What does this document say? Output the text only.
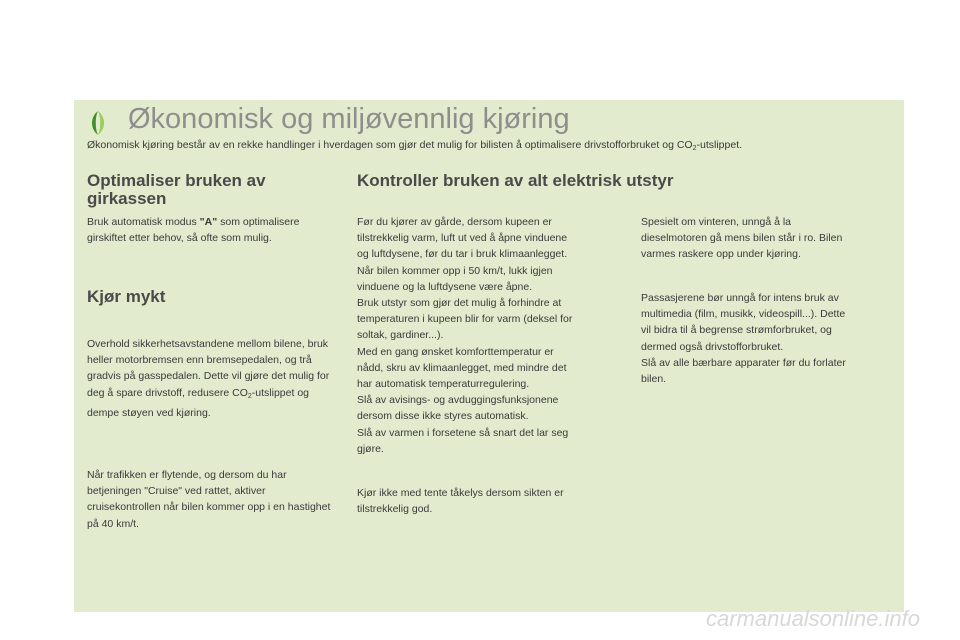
Økonomisk og miljøvennlig kjøring
Økonomisk kjøring består av en rekke handlinger i hverdagen som gjør det mulig for bilisten å optimalisere drivstofforbruket og $CO_2$-utslippet.
Optimaliser bruken av
girkassen

Bruk automatisk modus "A" som optimalisere girskiftet etter behov, så ofte som mulig.

Kjør mykt

Overhold sikkerhetsavstandene mellom bilene, bruk heller motorbremsen enn bremsepedalen, og trå gradvis på gasspedalen. Dette vil gjøre det mulig for deg å spare drivstoff, redusere $CO_2$-utslippet og dempe støyen ved kjøring.

Når trafikken er flytende, og dersom du har betjeningen "Cruise" ved rattet, aktiver cruisekontrollen når bilen kommer opp i en hastighet på 40 km/t.

Kontroller bruken av alt elektrisk utstyr

Før du kjører av gårde, dersom kupeen er
tilstrekkelig varm, luft ut ved å åpne vinduene
og luftdysene, før du tar i bruk klimaanlegget.
Når bilen kommer opp i 50 km/t, lukk igjen
vinduene og la luftdysene være åpne.
Bruk utstyr som gjør det mulig å forhindre at
temperaturen i kupeen blir for varm (deksel for
soltak, gardiner...).
Med en gang ønsket komforttemperatur er
nådd, skru av klimaanlegget, med mindre det
har automatisk temperaturregulering.
Slå av avisings- og avduggingsfunksjonene
dersom disse ikke styres automatisk.
Slå av varmen i forsetene så snart det lar seg
gjøre.

Kjør ikke med tente tåkelys dersom sikten er
tilstrekkelig god.

Spesielt om vinteren, unngå å la
dieselmotoren gå mens bilen står i ro. Bilen
varmes raskere opp under kjøring.

Passasjerene bør unngå for intens bruk av
multimedia (film, musikk, videospill...). Dette
vil bidra til å begrense strømforbruket, og
dermed også drivstofforbruket.
Slå av alle bærbare apparater før du forlater
bilen.

carmanualsonline.info
